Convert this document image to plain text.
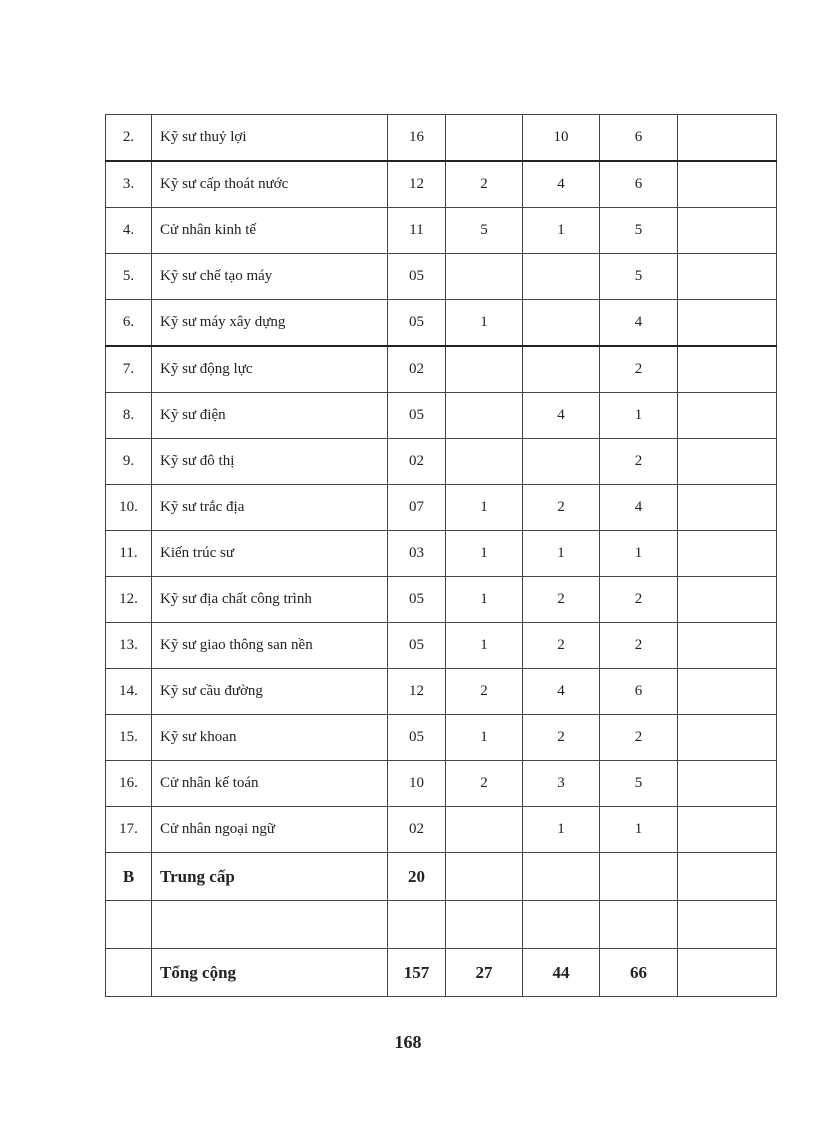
2.	Kỹ sư thuỷ lợi	16		10	6	
3.	Kỹ sư cấp thoát nước	12	2	4	6	
4.	Cử nhân kinh tế	11	5	1	5	
5.	Kỹ sư chế tạo máy	05			5	
6.	Kỹ sư máy xây dựng	05	1		4	
7.	Kỹ sư động lực	02			2	
8.	Kỹ sư điện	05		4	1	
9.	Kỹ sư đô thị	02			2	
10.	Kỹ sư trắc địa	07	1	2	4	
11.	Kiến trúc sư	03	1	1	1	
12.	Kỹ sư địa chất công trình	05	1	2	2	
13.	Kỹ sư giao thông san nền	05	1	2	2	
14.	Kỹ sư cầu đường	12	2	4	6	
15.	Kỹ sư khoan	05	1	2	2	
16.	Cử nhân kế toán	10	2	3	5	
17.	Cử nhân ngoại ngữ	02		1	1	
B	Trung cấp	20				

	Tổng cộng	157	27	44	66	
168
